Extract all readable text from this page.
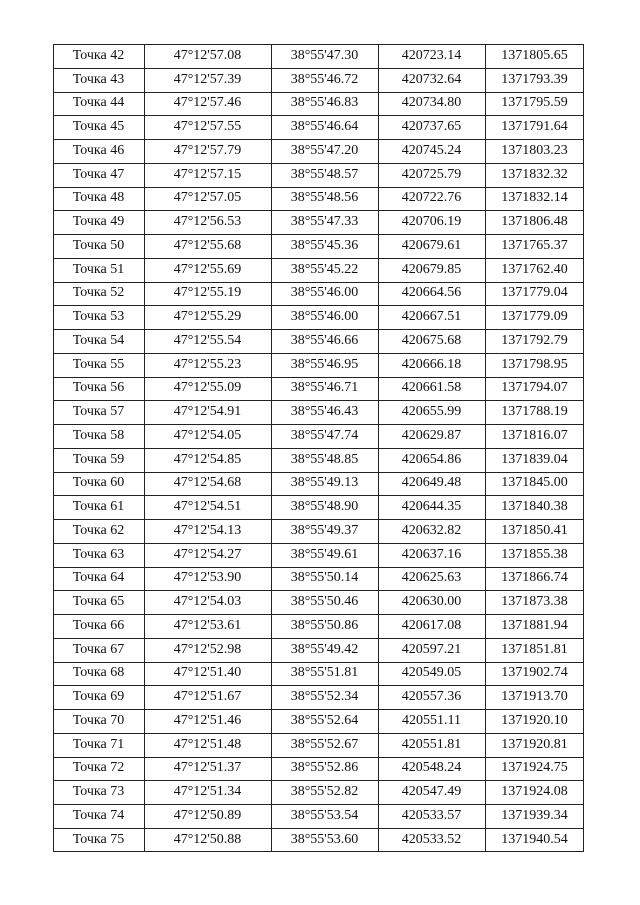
Точка 42	47°12'57.08	38°55'47.30	420723.14	1371805.65
Точка 43	47°12'57.39	38°55'46.72	420732.64	1371793.39
Точка 44	47°12'57.46	38°55'46.83	420734.80	1371795.59
Точка 45	47°12'57.55	38°55'46.64	420737.65	1371791.64
Точка 46	47°12'57.79	38°55'47.20	420745.24	1371803.23
Точка 47	47°12'57.15	38°55'48.57	420725.79	1371832.32
Точка 48	47°12'57.05	38°55'48.56	420722.76	1371832.14
Точка 49	47°12'56.53	38°55'47.33	420706.19	1371806.48
Точка 50	47°12'55.68	38°55'45.36	420679.61	1371765.37
Точка 51	47°12'55.69	38°55'45.22	420679.85	1371762.40
Точка 52	47°12'55.19	38°55'46.00	420664.56	1371779.04
Точка 53	47°12'55.29	38°55'46.00	420667.51	1371779.09
Точка 54	47°12'55.54	38°55'46.66	420675.68	1371792.79
Точка 55	47°12'55.23	38°55'46.95	420666.18	1371798.95
Точка 56	47°12'55.09	38°55'46.71	420661.58	1371794.07
Точка 57	47°12'54.91	38°55'46.43	420655.99	1371788.19
Точка 58	47°12'54.05	38°55'47.74	420629.87	1371816.07
Точка 59	47°12'54.85	38°55'48.85	420654.86	1371839.04
Точка 60	47°12'54.68	38°55'49.13	420649.48	1371845.00
Точка 61	47°12'54.51	38°55'48.90	420644.35	1371840.38
Точка 62	47°12'54.13	38°55'49.37	420632.82	1371850.41
Точка 63	47°12'54.27	38°55'49.61	420637.16	1371855.38
Точка 64	47°12'53.90	38°55'50.14	420625.63	1371866.74
Точка 65	47°12'54.03	38°55'50.46	420630.00	1371873.38
Точка 66	47°12'53.61	38°55'50.86	420617.08	1371881.94
Точка 67	47°12'52.98	38°55'49.42	420597.21	1371851.81
Точка 68	47°12'51.40	38°55'51.81	420549.05	1371902.74
Точка 69	47°12'51.67	38°55'52.34	420557.36	1371913.70
Точка 70	47°12'51.46	38°55'52.64	420551.11	1371920.10
Точка 71	47°12'51.48	38°55'52.67	420551.81	1371920.81
Точка 72	47°12'51.37	38°55'52.86	420548.24	1371924.75
Точка 73	47°12'51.34	38°55'52.82	420547.49	1371924.08
Точка 74	47°12'50.89	38°55'53.54	420533.57	1371939.34
Точка 75	47°12'50.88	38°55'53.60	420533.52	1371940.54
